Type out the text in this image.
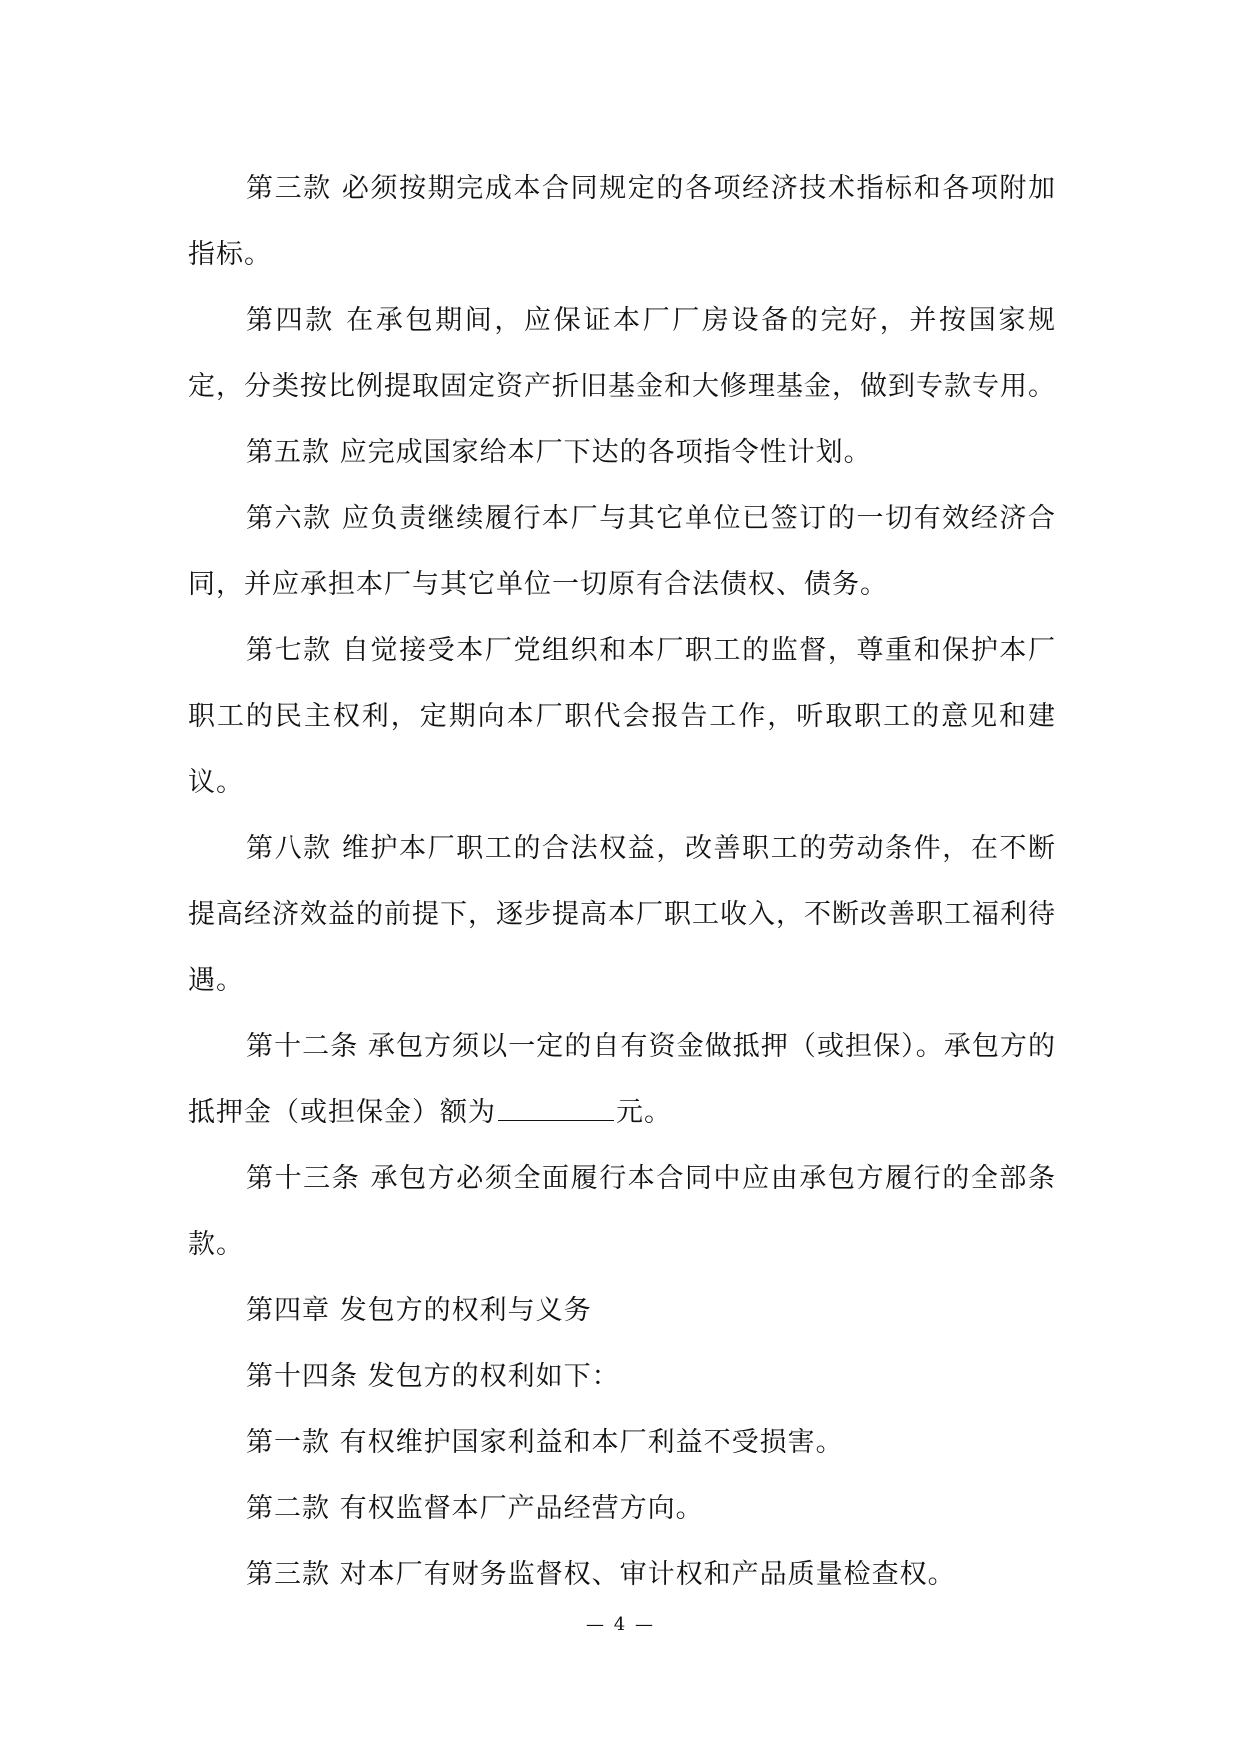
第三款 必须按期完成本合同规定的各项经济技术指标和各项附加指标。

第四款 在承包期间，应保证本厂厂房设备的完好，并按国家规定，分类按比例提取固定资产折旧基金和大修理基金，做到专款专用。

第五款 应完成国家给本厂下达的各项指令性计划。

第六款 应负责继续履行本厂与其它单位已签订的一切有效经济合同，并应承担本厂与其它单位一切原有合法债权、债务。

第七款 自觉接受本厂党组织和本厂职工的监督，尊重和保护本厂职工的民主权利，定期向本厂职代会报告工作，听取职工的意见和建议。

第八款 维护本厂职工的合法权益，改善职工的劳动条件，在不断提高经济效益的前提下，逐步提高本厂职工收入，不断改善职工福利待遇。

第十二条 承包方须以一定的自有资金做抵押（或担保）。承包方的抵押金（或担保金）额为	元。

第十三条 承包方必须全面履行本合同中应由承包方履行的全部条款。

第四章 发包方的权利与义务

第十四条 发包方的权利如下：

第一款 有权维护国家利益和本厂利益不受损害。

第二款 有权监督本厂产品经营方向。

第三款 对本厂有财务监督权、审计权和产品质量检查权。

— 4 —
